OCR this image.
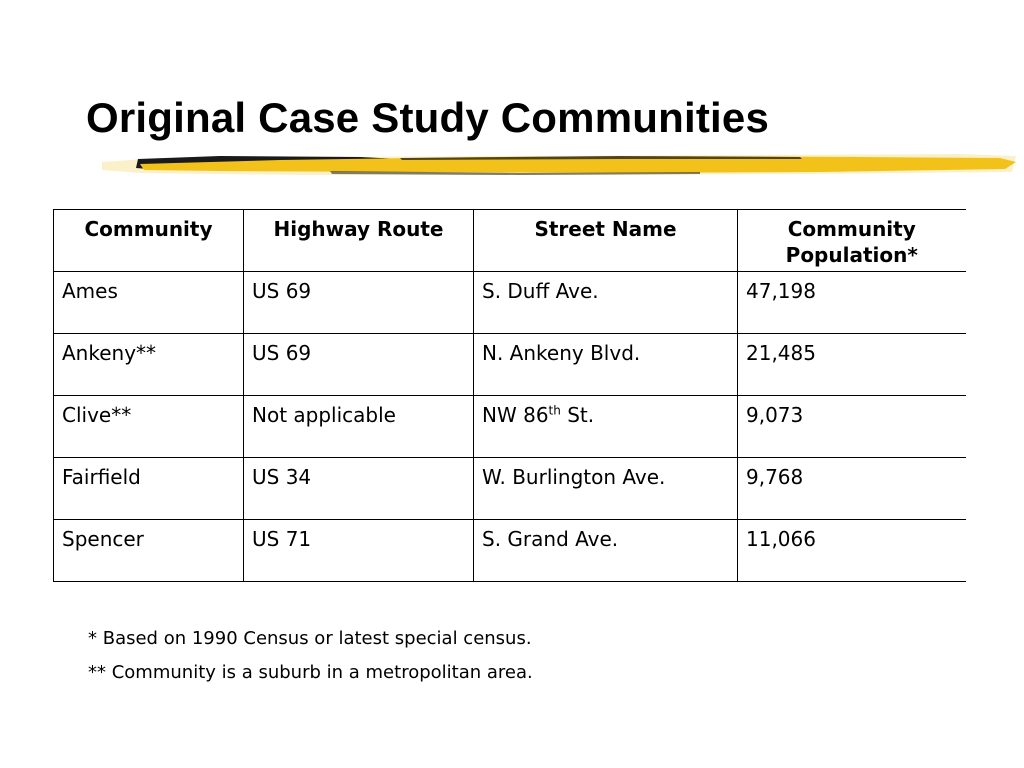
Original Case Study Communities
Community	Highway Route	Street Name	Community Population*
Ames	US 69	S. Duff Ave.	47,198
Ankeny**	US 69	N. Ankeny Blvd.	21,485
Clive**	Not applicable	NW 86th St.	9,073
Fairfield	US 34	W. Burlington Ave.	9,768
Spencer	US 71	S. Grand Ave.	11,066
* Based on 1990 Census or latest special census.
** Community is a suburb in a metropolitan area.
